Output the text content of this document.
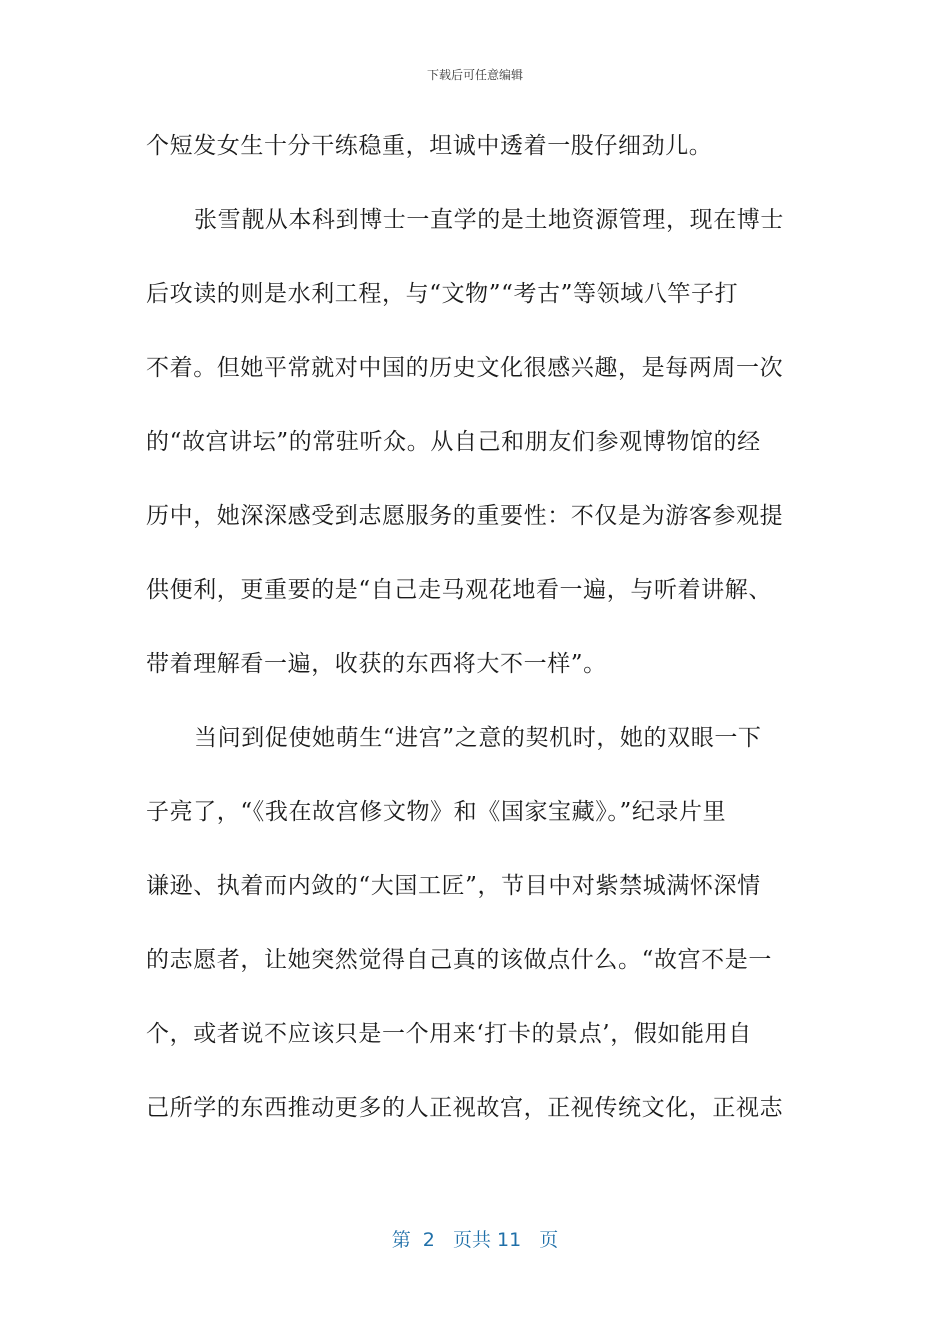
下载后可任意编辑
个短发女生十分干练稳重，坦诚中透着一股仔细劲儿。
张雪靓从本科到博士一直学的是土地资源管理，现在博士
后攻读的则是水利工程，与“文物”“考古”等领域八竿子打
不着。但她平常就对中国的历史文化很感兴趣，是每两周一次
的“故宫讲坛”的常驻听众。从自己和朋友们参观博物馆的经
历中，她深深感受到志愿服务的重要性：不仅是为游客参观提
供便利，更重要的是“自己走马观花地看一遍，与听着讲解、
带着理解看一遍，收获的东西将大不一样”。
当问到促使她萌生“进宫”之意的契机时，她的双眼一下
子亮了，“《我在故宫修文物》和《国家宝藏》。”纪录片里
谦逊、执着而内敛的“大国工匠”，节目中对紫禁城满怀深情
的志愿者，让她突然觉得自己真的该做点什么。“故宫不是一
个，或者说不应该只是一个用来‘打卡的景点’，假如能用自
己所学的东西推动更多的人正视故宫，正视传统文化，正视志
第  2   页共 11   页
